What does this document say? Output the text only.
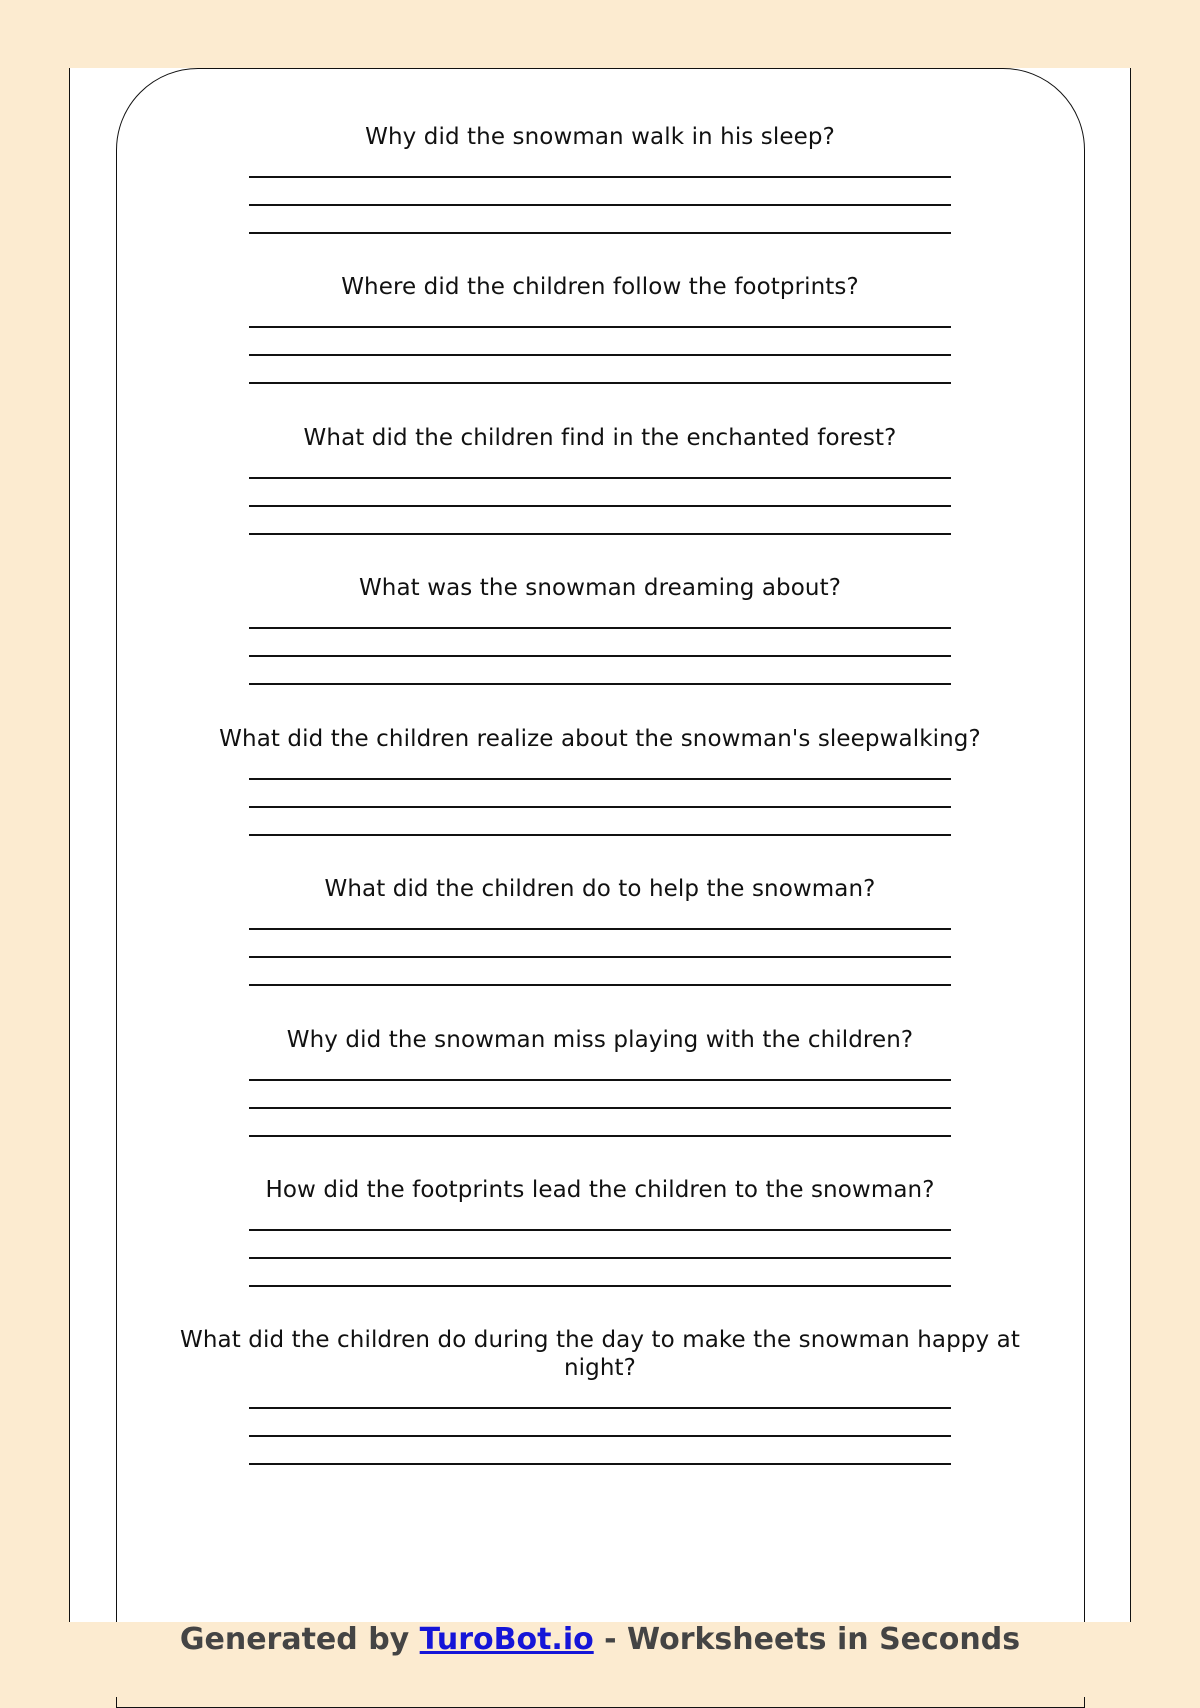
Why did the snowman walk in his sleep?
Where did the children follow the footprints?
What did the children find in the enchanted forest?
What was the snowman dreaming about?
What did the children realize about the snowman's sleepwalking?
What did the children do to help the snowman?
Why did the snowman miss playing with the children?
How did the footprints lead the children to the snowman?
What did the children do during the day to make the snowman happy at night?
Generated by TuroBot.io - Worksheets in Seconds
